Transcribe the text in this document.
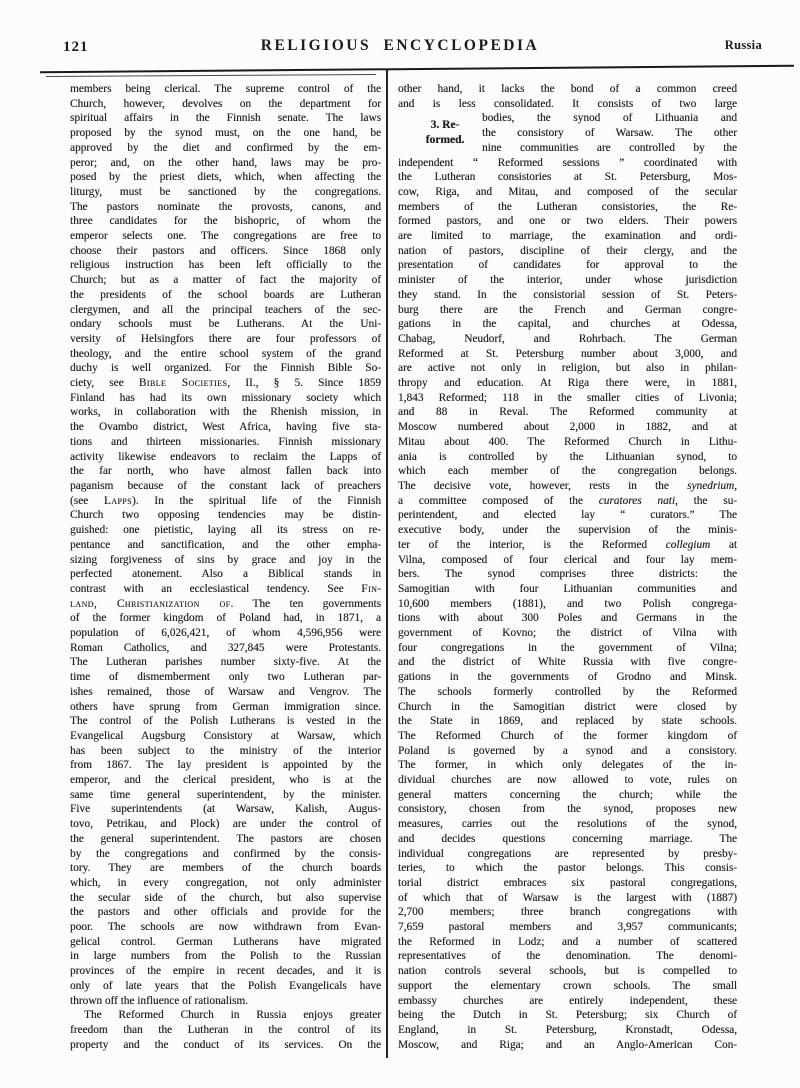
121	RELIGIOUS ENCYCLOPEDIA	Russia
members being clerical. The supreme control of the
Church, however, devolves on the department for
spiritual affairs in the Finnish senate. The laws
proposed by the synod must, on the one hand, be
approved by the diet and confirmed by the em-
peror; and, on the other hand, laws may be pro-
posed by the priest diets, which, when affecting the
liturgy, must be sanctioned by the congregations.
The pastors nominate the provosts, canons, and
three candidates for the bishopric, of whom the
emperor selects one. The congregations are free to
choose their pastors and officers. Since 1868 only
religious instruction has been left officially to the
Church; but as a matter of fact the majority of
the presidents of the school boards are Lutheran
clergymen, and all the principal teachers of the sec-
ondary schools must be Lutherans. At the Uni-
versity of Helsingfors there are four professors of
theology, and the entire school system of the grand
duchy is well organized. For the Finnish Bible So-
ciety, see Bible Societies, II., § 5. Since 1859
Finland has had its own missionary society which
works, in collaboration with the Rhenish mission, in
the Ovambo district, West Africa, having five sta-
tions and thirteen missionaries. Finnish missionary
activity likewise endeavors to reclaim the Lapps of
the far north, who have almost fallen back into
paganism because of the constant lack of preachers
(see Lapps). In the spiritual life of the Finnish
Church two opposing tendencies may be distin-
guished: one pietistic, laying all its stress on re-
pentance and sanctification, and the other empha-
sizing forgiveness of sins by grace and joy in the
perfected atonement. Also a Biblical stands in
contrast with an ecclesiastical tendency. See Fin-
land, Christianization of. The ten governments
of the former kingdom of Poland had, in 1871, a
population of 6,026,421, of whom 4,596,956 were
Roman Catholics, and 327,845 were Protestants.
The Lutheran parishes number sixty-five. At the
time of dismemberment only two Lutheran par-
ishes remained, those of Warsaw and Vengrov. The
others have sprung from German immigration since.
The control of the Polish Lutherans is vested in the
Evangelical Augsburg Consistory at Warsaw, which
has been subject to the ministry of the interior
from 1867. The lay president is appointed by the
emperor, and the clerical president, who is at the
same time general superintendent, by the minister.
Five superintendents (at Warsaw, Kalish, Augus-
tovo, Petrikau, and Plock) are under the control of
the general superintendent. The pastors are chosen
by the congregations and confirmed by the consis-
tory. They are members of the church boards
which, in every congregation, not only administer
the secular side of the church, but also supervise
the pastors and other officials and provide for the
poor. The schools are now withdrawn from Evan-
gelical control. German Lutherans have migrated
in large numbers from the Polish to the Russian
provinces of the empire in recent decades, and it is
only of late years that the Polish Evangelicals have
thrown off the influence of rationalism.
The Reformed Church in Russia enjoys greater
freedom than the Lutheran in the control of its
property and the conduct of its services. On the
3. Re-
formed.
other hand, it lacks the bond of a common creed
and is less consolidated. It consists of two large
bodies, the synod of Lithuania and
the consistory of Warsaw. The other
nine communities are controlled by the
independent “ Reformed sessions ” coordinated with
the Lutheran consistories at St. Petersburg, Mos-
cow, Riga, and Mitau, and composed of the secular
members of the Lutheran consistories, the Re-
formed pastors, and one or two elders. Their powers
are limited to marriage, the examination and ordi-
nation of pastors, discipline of their clergy, and the
presentation of candidates for approval to the
minister of the interior, under whose jurisdiction
they stand. In the consistorial session of St. Peters-
burg there are the French and German congre-
gations in the capital, and churches at Odessa,
Chabag, Neudorf, and Rohrbach. The German
Reformed at St. Petersburg number about 3,000, and
are active not only in religion, but also in philan-
thropy and education. At Riga there were, in 1881,
1,843 Reformed; 118 in the smaller cities of Livonia;
and 88 in Reval. The Reformed community at
Moscow numbered about 2,000 in 1882, and at
Mitau about 400. The Reformed Church in Lithu-
ania is controlled by the Lithuanian synod, to
which each member of the congregation belongs.
The decisive vote, however, rests in the synedrium,
a committee composed of the curatores nati, the su-
perintendent, and elected lay “ curators.” The
executive body, under the supervision of the minis-
ter of the interior, is the Reformed collegium at
Vilna, composed of four clerical and four lay mem-
bers. The synod comprises three districts: the
Samogitian with four Lithuanian communities and
10,600 members (1881), and two Polish congrega-
tions with about 300 Poles and Germans in the
government of Kovno; the district of Vilna with
four congregations in the government of Vilna;
and the district of White Russia with five congre-
gations in the governments of Grodno and Minsk.
The schools formerly controlled by the Reformed
Church in the Samogitian district were closed by
the State in 1869, and replaced by state schools.
The Reformed Church of the former kingdom of
Poland is governed by a synod and a consistory.
The former, in which only delegates of the in-
dividual churches are now allowed to vote, rules on
general matters concerning the church; while the
consistory, chosen from the synod, proposes new
measures, carries out the resolutions of the synod,
and decides questions concerning marriage. The
individual congregations are represented by presby-
teries, to which the pastor belongs. This consis-
torial district embraces six pastoral congregations,
of which that of Warsaw is the largest with (1887)
2,700 members; three branch congregations with
7,659 pastoral members and 3,957 communicants;
the Reformed in Lodz; and a number of scattered
representatives of the denomination. The denomi-
nation controls several schools, but is compelled to
support the elementary crown schools. The small
embassy churches are entirely independent, these
being the Dutch in St. Petersburg; six Church of
England, in St. Petersburg, Kronstadt, Odessa,
Moscow, and Riga; and an Anglo-American Con-
